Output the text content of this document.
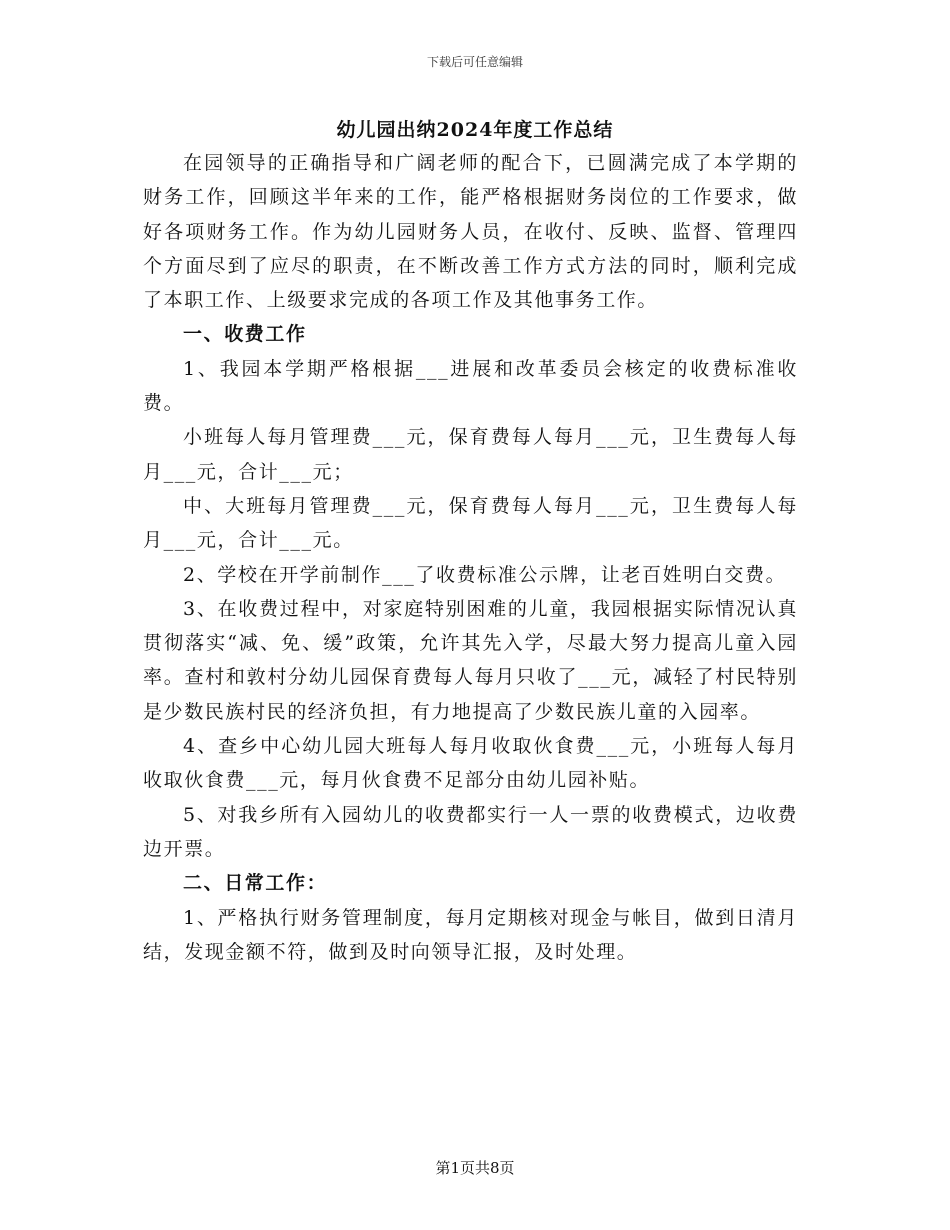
下载后可任意编辑
幼儿园出纳2024年度工作总结

在园领导的正确指导和广阔老师的配合下，已圆满完成了本学期的财务工作，回顾这半年来的工作，能严格根据财务岗位的工作要求，做好各项财务工作。作为幼儿园财务人员，在收付、反映、监督、管理四个方面尽到了应尽的职责，在不断改善工作方式方法的同时，顺利完成了本职工作、上级要求完成的各项工作及其他事务工作。

一、收费工作

1、我园本学期严格根据___进展和改革委员会核定的收费标准收费。

小班每人每月管理费___元，保育费每人每月___元，卫生费每人每月___元，合计___元；

中、大班每月管理费___元，保育费每人每月___元，卫生费每人每月___元，合计___元。

2、学校在开学前制作___了收费标准公示牌，让老百姓明白交费。

3、在收费过程中，对家庭特别困难的儿童，我园根据实际情况认真贯彻落实“减、免、缓”政策，允许其先入学，尽最大努力提高儿童入园率。查村和敦村分幼儿园保育费每人每月只收了___元，减轻了村民特别是少数民族村民的经济负担，有力地提高了少数民族儿童的入园率。

4、查乡中心幼儿园大班每人每月收取伙食费___元，小班每人每月收取伙食费___元，每月伙食费不足部分由幼儿园补贴。

5、对我乡所有入园幼儿的收费都实行一人一票的收费模式，边收费边开票。

二、日常工作：

1、严格执行财务管理制度，每月定期核对现金与帐目，做到日清月结，发现金额不符，做到及时向领导汇报，及时处理。

第1页共8页
